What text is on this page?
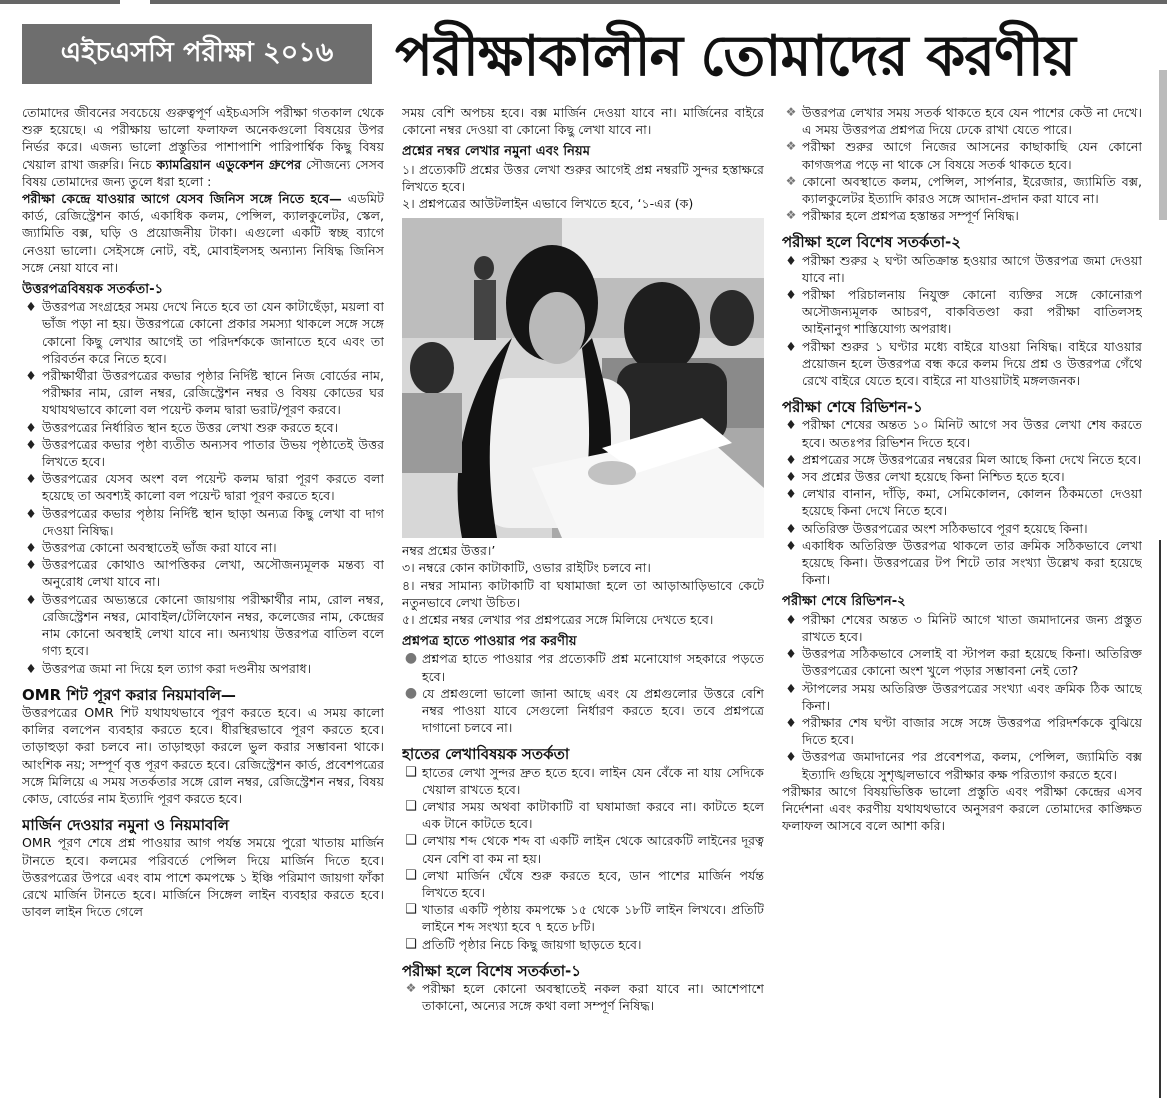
এইচএসসি পরীক্ষা ২০১৬	পরীক্ষাকালীন তোমাদের করণীয়
তোমাদের জীবনের সবচেয়ে গুরুত্বপূর্ণ এইচএসসি পরীক্ষা গতকাল থেকে শুরু হয়েছে। এ পরীক্ষায় ভালো ফলাফল অনেকগুলো বিষয়ের উপর নির্ভর করে। এজন্য ভালো প্রস্তুতির পাশাপাশি পারিপার্শ্বিক কিছু বিষয় খেয়াল রাখা জরুরি। নিচে ক্যামব্রিয়ান এডুকেশন গ্রুপের সৌজন্যে সেসব বিষয় তোমাদের জন্য তুলে ধরা হলো :
পরীক্ষা কেন্দ্রে যাওয়ার আগে যেসব জিনিস সঙ্গে নিতে হবে— এডমিট কার্ড, রেজিস্ট্রেশন কার্ড, একাধিক কলম, পেন্সিল, ক্যালকুলেটর, স্কেল, জ্যামিতি বক্স, ঘড়ি ও প্রয়োজনীয় টাকা। এগুলো একটি স্বচ্ছ ব্যাগে নেওয়া ভালো। সেইসঙ্গে নোট, বই, মোবাইলসহ অন্যান্য নিষিদ্ধ জিনিস সঙ্গে নেয়া যাবে না।
উত্তরপত্রবিষয়ক সতর্কতা-১
♦ উত্তরপত্র সংগ্রহের সময় দেখে নিতে হবে তা যেন কাটাছেঁড়া, ময়লা বা ভাঁজ পড়া না হয়। উত্তরপত্রে কোনো প্রকার সমস্যা থাকলে সঙ্গে সঙ্গে কোনো কিছু লেখার আগেই তা পরিদর্শককে জানাতে হবে এবং তা পরিবর্তন করে নিতে হবে।
♦ পরীক্ষার্থীরা উত্তরপত্রের কভার পৃষ্ঠার নির্দিষ্ট স্থানে নিজ বোর্ডের নাম, পরীক্ষার নাম, রোল নম্বর, রেজিস্ট্রেশন নম্বর ও বিষয় কোডের ঘর যথাযথভাবে কালো বল পয়েন্ট কলম দ্বারা ভরাট/পূরণ করবে।
♦ উত্তরপত্রের নির্ধারিত স্থান হতে উত্তর লেখা শুরু করতে হবে।
♦ উত্তরপত্রের কভার পৃষ্ঠা ব্যতীত অন্যসব পাতার উভয় পৃষ্ঠাতেই উত্তর লিখতে হবে।
♦ উত্তরপত্রের যেসব অংশ বল পয়েন্ট কলম দ্বারা পূরণ করতে বলা হয়েছে তা অবশ্যই কালো বল পয়েন্ট দ্বারা পূরণ করতে হবে।
♦ উত্তরপত্রের কভার পৃষ্ঠায় নির্দিষ্ট স্থান ছাড়া অন্যত্র কিছু লেখা বা দাগ দেওয়া নিষিদ্ধ।
♦ উত্তরপত্র কোনো অবস্থাতেই ভাঁজ করা যাবে না।
♦ উত্তরপত্রের কোথাও আপত্তিকর লেখা, অসৌজন্যমূলক মন্তব্য বা অনুরোধ লেখা যাবে না।
♦ উত্তরপত্রের অভ্যন্তরে কোনো জায়গায় পরীক্ষার্থীর নাম, রোল নম্বর, রেজিস্ট্রেশন নম্বর, মোবাইল/টেলিফোন নম্বর, কলেজের নাম, কেন্দ্রের নাম কোনো অবস্থাই লেখা যাবে না। অন্যথায় উত্তরপত্র বাতিল বলে গণ্য হবে।
♦ উত্তরপত্র জমা না দিয়ে হল ত্যাগ করা দণ্ডনীয় অপরাধ।
OMR শিট পূরণ করার নিয়মাবলি—
উত্তরপত্রের OMR শিট যথাযথভাবে পূরণ করতে হবে। এ সময় কালো কালির বলপেন ব্যবহার করতে হবে। ধীরস্থিরভাবে পূরণ করতে হবে। তাড়াহুড়া করা চলবে না। তাড়াহুড়া করলে ভুল করার সম্ভাবনা থাকে। আংশিক নয়; সম্পূর্ণ বৃত্ত পূরণ করতে হবে। রেজিস্ট্রেশন কার্ড, প্রবেশপত্রের সঙ্গে মিলিয়ে এ সময় সতর্কতার সঙ্গে রোল নম্বর, রেজিস্ট্রেশন নম্বর, বিষয় কোড, বোর্ডের নাম ইত্যাদি পূরণ করতে হবে।
মার্জিন দেওয়ার নমুনা ও নিয়মাবলি
OMR পূরণ শেষে প্রশ্ন পাওয়ার আগ পর্যন্ত সময়ে পুরো খাতায় মার্জিন টানতে হবে। কলমের পরিবর্তে পেন্সিল দিয়ে মার্জিন দিতে হবে। উত্তরপত্রের উপরে এবং বাম পাশে কমপক্ষে ১ ইঞ্চি পরিমাণ জায়গা ফাঁকা রেখে মার্জিন টানতে হবে। মার্জিনে সিঙ্গেল লাইন ব্যবহার করতে হবে। ডাবল লাইন দিতে গেলে
সময় বেশি অপচয় হবে। বক্স মার্জিন দেওয়া যাবে না। মার্জিনের বাইরে কোনো নম্বর দেওয়া বা কোনো কিছু লেখা যাবে না।
প্রশ্নের নম্বর লেখার নমুনা এবং নিয়ম
১। প্রত্যেকটি প্রশ্নের উত্তর লেখা শুরুর আগেই প্রশ্ন নম্বরটি সুন্দর হস্তাক্ষরে লিখতে হবে।
২। প্রশ্নপত্রের আউটলাইন এভাবে লিখতে হবে, ‘১-এর (ক)
নম্বর প্রশ্নের উত্তর।’
৩। নম্বরে কোন কাটাকাটি, ওভার রাইটিং চলবে না।
৪। নম্বর সামান্য কাটাকাটি বা ঘষামাজা হলে তা আড়াআড়িভাবে কেটে নতুনভাবে লেখা উচিত।
৫। প্রশ্নের নম্বর লেখার পর প্রশ্নপত্রের সঙ্গে মিলিয়ে দেখতে হবে।
প্রশ্নপত্র হাতে পাওয়ার পর করণীয়
● প্রশ্নপত্র হাতে পাওয়ার পর প্রত্যেকটি প্রশ্ন মনোযোগ সহকারে পড়তে হবে।
● যে প্রশ্নগুলো ভালো জানা আছে এবং যে প্রশ্নগুলোর উত্তরে বেশি নম্বর পাওয়া যাবে সেগুলো নির্ধারণ করতে হবে। তবে প্রশ্নপত্রে দাগানো চলবে না।
হাতের লেখাবিষয়ক সতর্কতা
❑ হাতের লেখা সুন্দর দ্রুত হতে হবে। লাইন যেন বেঁকে না যায় সেদিকে খেয়াল রাখতে হবে।
❑ লেখার সময় অথবা কাটাকাটি বা ঘষামাজা করবে না। কাটতে হলে এক টানে কাটতে হবে।
❑ লেখায় শব্দ থেকে শব্দ বা একটি লাইন থেকে আরেকটি লাইনের দূরত্ব যেন বেশি বা কম না হয়।
❑ লেখা মার্জিন ঘেঁষে শুরু করতে হবে, ডান পাশের মার্জিন পর্যন্ত লিখতে হবে।
❑ খাতার একটি পৃষ্ঠায় কমপক্ষে ১৫ থেকে ১৮টি লাইন লিখবে। প্রতিটি লাইনে শব্দ সংখ্যা হবে ৭ হতে ৮টি।
❑ প্রতিটি পৃষ্ঠার নিচে কিছু জায়গা ছাড়তে হবে।
পরীক্ষা হলে বিশেষ সতর্কতা-১
❖ পরীক্ষা হলে কোনো অবস্থাতেই নকল করা যাবে না। আশেপাশে তাকানো, অন্যের সঙ্গে কথা বলা সম্পূর্ণ নিষিদ্ধ।
❖ উত্তরপত্র লেখার সময় সতর্ক থাকতে হবে যেন পাশের কেউ না দেখে। এ সময় উত্তরপত্র প্রশ্নপত্র দিয়ে ঢেকে রাখা যেতে পারে।
❖ পরীক্ষা শুরুর আগে নিজের আসনের কাছাকাছি যেন কোনো কাগজপত্র পড়ে না থাকে সে বিষয়ে সতর্ক থাকতে হবে।
❖ কোনো অবস্থাতে কলম, পেন্সিল, সার্পনার, ইরেজার, জ্যামিতি বক্স, ক্যালকুলেটর ইত্যাদি কারও সঙ্গে আদান-প্রদান করা যাবে না।
❖ পরীক্ষার হলে প্রশ্নপত্র হস্তান্তর সম্পূর্ণ নিষিদ্ধ।
পরীক্ষা হলে বিশেষ সতর্কতা-২
♦ পরীক্ষা শুরুর ২ ঘণ্টা অতিক্রান্ত হওয়ার আগে উত্তরপত্র জমা দেওয়া যাবে না।
♦ পরীক্ষা পরিচালনায় নিযুক্ত কোনো ব্যক্তির সঙ্গে কোনোরূপ অসৌজন্যমূলক আচরণ, বাকবিতণ্ডা করা পরীক্ষা বাতিলসহ আইনানুগ শাস্তিযোগ্য অপরাধ।
♦ পরীক্ষা শুরুর ১ ঘণ্টার মধ্যে বাইরে যাওয়া নিষিদ্ধ। বাইরে যাওয়ার প্রয়োজন হলে উত্তরপত্র বন্ধ করে কলম দিয়ে প্রশ্ন ও উত্তরপত্র গেঁথে রেখে বাইরে যেতে হবে। বাইরে না যাওয়াটাই মঙ্গলজনক।
পরীক্ষা শেষে রিভিশন-১
♦ পরীক্ষা শেষের অন্তত ১০ মিনিট আগে সব উত্তর লেখা শেষ করতে হবে। অতঃপর রিভিশন দিতে হবে।
♦ প্রশ্নপত্রের সঙ্গে উত্তরপত্রের নম্বরের মিল আছে কিনা দেখে নিতে হবে।
♦ সব প্রশ্নের উত্তর লেখা হয়েছে কিনা নিশ্চিত হতে হবে।
♦ লেখার বানান, দাঁড়ি, কমা, সেমিকোলন, কোলন ঠিকমতো দেওয়া হয়েছে কিনা দেখে নিতে হবে।
♦ অতিরিক্ত উত্তরপত্রের অংশ সঠিকভাবে পূরণ হয়েছে কিনা।
♦ একাধিক অতিরিক্ত উত্তরপত্র থাকলে তার ক্রমিক সঠিকভাবে লেখা হয়েছে কিনা। উত্তরপত্রের টপ শিটে তার সংখ্যা উল্লেখ করা হয়েছে কিনা।
পরীক্ষা শেষে রিভিশন-২
♦ পরীক্ষা শেষের অন্তত ৩ মিনিট আগে খাতা জমাদানের জন্য প্রস্তুত রাখতে হবে।
♦ উত্তরপত্র সঠিকভাবে সেলাই বা স্টাপল করা হয়েছে কিনা। অতিরিক্ত উত্তরপত্রের কোনো অংশ খুলে পড়ার সম্ভাবনা নেই তো?
♦ স্টাপলের সময় অতিরিক্ত উত্তরপত্রের সংখ্যা এবং ক্রমিক ঠিক আছে কিনা।
♦ পরীক্ষার শেষ ঘণ্টা বাজার সঙ্গে সঙ্গে উত্তরপত্র পরিদর্শককে বুঝিয়ে দিতে হবে।
♦ উত্তরপত্র জমাদানের পর প্রবেশপত্র, কলম, পেন্সিল, জ্যামিতি বক্স ইত্যাদি গুছিয়ে সুশৃঙ্খলভাবে পরীক্ষার কক্ষ পরিত্যাগ করতে হবে।
পরীক্ষার আগে বিষয়ভিত্তিক ভালো প্রস্তুতি এবং পরীক্ষা কেন্দ্রের এসব নির্দেশনা এবং করণীয় যথাযথভাবে অনুসরণ করলে তোমাদের কাঙ্ক্ষিত ফলাফল আসবে বলে আশা করি।
